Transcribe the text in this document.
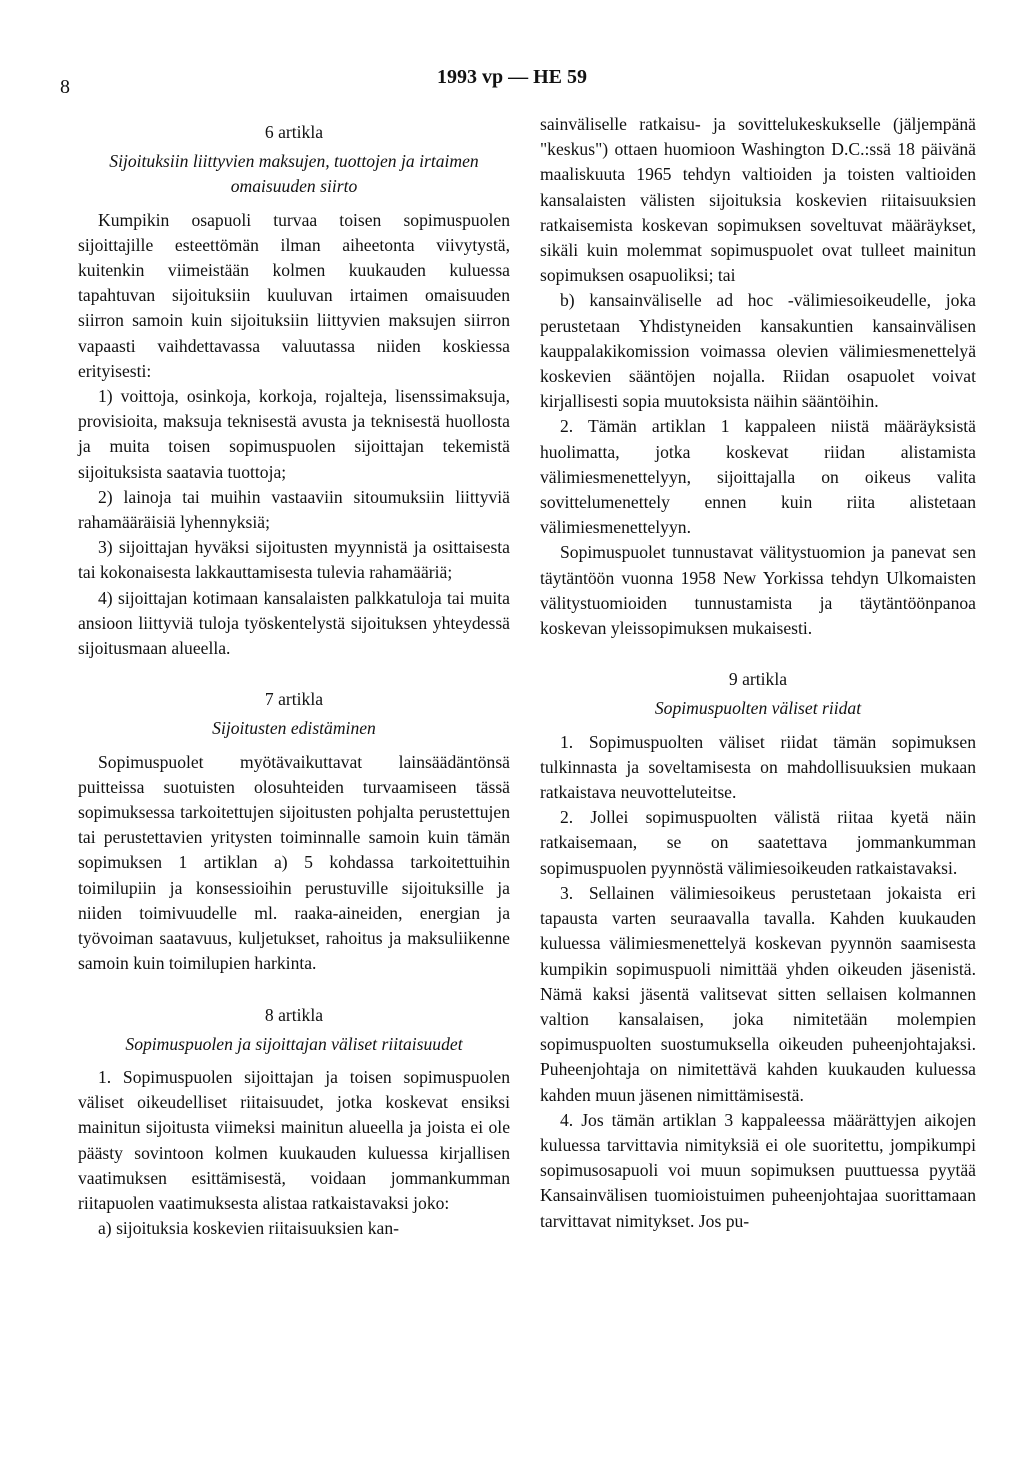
8	1993 vp — HE 59
6 artikla
Sijoituksiin liittyvien maksujen, tuottojen ja irtaimen omaisuuden siirto

Kumpikin osapuoli turvaa toisen sopimuspuolen sijoittajille esteettömän ilman aiheetonta viivytystä, kuitenkin viimeistään kolmen kuukauden kuluessa tapahtuvan sijoituksiin kuuluvan irtaimen omaisuuden siirron samoin kuin sijoituksiin liittyvien maksujen siirron vapaasti vaihdettavassa valuutassa niiden koskiessa erityisesti:

1) voittoja, osinkoja, korkoja, rojalteja, lisenssimaksuja, provisioita, maksuja teknisestä avusta ja teknisestä huollosta ja muita toisen sopimuspuolen sijoittajan tekemistä sijoituksista saatavia tuottoja;

2) lainoja tai muihin vastaaviin sitoumuksiin liittyviä rahamääräisiä lyhennyksiä;

3) sijoittajan hyväksi sijoitusten myynnistä ja osittaisesta tai kokonaisesta lakkauttamisesta tulevia rahamääriä;

4) sijoittajan kotimaan kansalaisten palkkatuloja tai muita ansioon liittyviä tuloja työskentelystä sijoituksen yhteydessä sijoitusmaan alueella.

7 artikla
Sijoitusten edistäminen

Sopimuspuolet myötävaikuttavat lainsäädäntönsä puitteissa suotuisten olosuhteiden turvaamiseen tässä sopimuksessa tarkoitettujen sijoitusten pohjalta perustettujen tai perustettavien yritysten toiminnalle samoin kuin tämän sopimuksen 1 artiklan a) 5 kohdassa tarkoitettuihin toimilupiin ja konsessioihin perustuville sijoituksille ja niiden toimivuudelle ml. raaka-aineiden, energian ja työvoiman saatavuus, kuljetukset, rahoitus ja maksuliikenne samoin kuin toimilupien harkinta.

8 artikla
Sopimuspuolen ja sijoittajan väliset riitaisuudet

1. Sopimuspuolen sijoittajan ja toisen sopimuspuolen väliset oikeudelliset riitaisuudet, jotka koskevat ensiksi mainitun sijoitusta viimeksi mainitun alueella ja joista ei ole päästy sovintoon kolmen kuukauden kuluessa kirjallisen vaatimuksen esittämisestä, voidaan jommankumman riitapuolen vaatimuksesta alistaa ratkaistavaksi joko:

a) sijoituksia koskevien riitaisuuksien kan-

sainväliselle ratkaisu- ja sovittelukeskukselle (jäljempänä "keskus") ottaen huomioon Washington D.C.:ssä 18 päivänä maaliskuuta 1965 tehdyn valtioiden ja toisten valtioiden kansalaisten välisten sijoituksia koskevien riitaisuuksien ratkaisemista koskevan sopimuksen soveltuvat määräykset, sikäli kuin molemmat sopimuspuolet ovat tulleet mainitun sopimuksen osapuoliksi; tai

b) kansainväliselle ad hoc -välimiesoikeudelle, joka perustetaan Yhdistyneiden kansakuntien kansainvälisen kauppalakikomission voimassa olevien välimiesmenettelyä koskevien sääntöjen nojalla. Riidan osapuolet voivat kirjallisesti sopia muutoksista näihin sääntöihin.

2. Tämän artiklan 1 kappaleen niistä määräyksistä huolimatta, jotka koskevat riidan alistamista välimiesmenettelyyn, sijoittajalla on oikeus valita sovittelumenettely ennen kuin riita alistetaan välimiesmenettelyyn.

Sopimuspuolet tunnustavat välitystuomion ja panevat sen täytäntöön vuonna 1958 New Yorkissa tehdyn Ulkomaisten välitystuomioiden tunnustamista ja täytäntöönpanoa koskevan yleissopimuksen mukaisesti.

9 artikla
Sopimuspuolten väliset riidat

1. Sopimuspuolten väliset riidat tämän sopimuksen tulkinnasta ja soveltamisesta on mahdollisuuksien mukaan ratkaistava neuvotteluteitse.

2. Jollei sopimuspuolten välistä riitaa kyetä näin ratkaisemaan, se on saatettava jommankumman sopimuspuolen pyynnöstä välimiesoikeuden ratkaistavaksi.

3. Sellainen välimiesoikeus perustetaan jokaista eri tapausta varten seuraavalla tavalla. Kahden kuukauden kuluessa välimiesmenettelyä koskevan pyynnön saamisesta kumpikin sopimuspuoli nimittää yhden oikeuden jäsenistä. Nämä kaksi jäsentä valitsevat sitten sellaisen kolmannen valtion kansalaisen, joka nimitetään molempien sopimuspuolten suostumuksella oikeuden puheenjohtajaksi. Puheenjohtaja on nimitettävä kahden kuukauden kuluessa kahden muun jäsenen nimittämisestä.

4. Jos tämän artiklan 3 kappaleessa määrättyjen aikojen kuluessa tarvittavia nimityksiä ei ole suoritettu, jompikumpi sopimusosapuoli voi muun sopimuksen puuttuessa pyytää Kansainvälisen tuomioistuimen puheenjohtajaa suorittamaan tarvittavat nimitykset. Jos pu-
